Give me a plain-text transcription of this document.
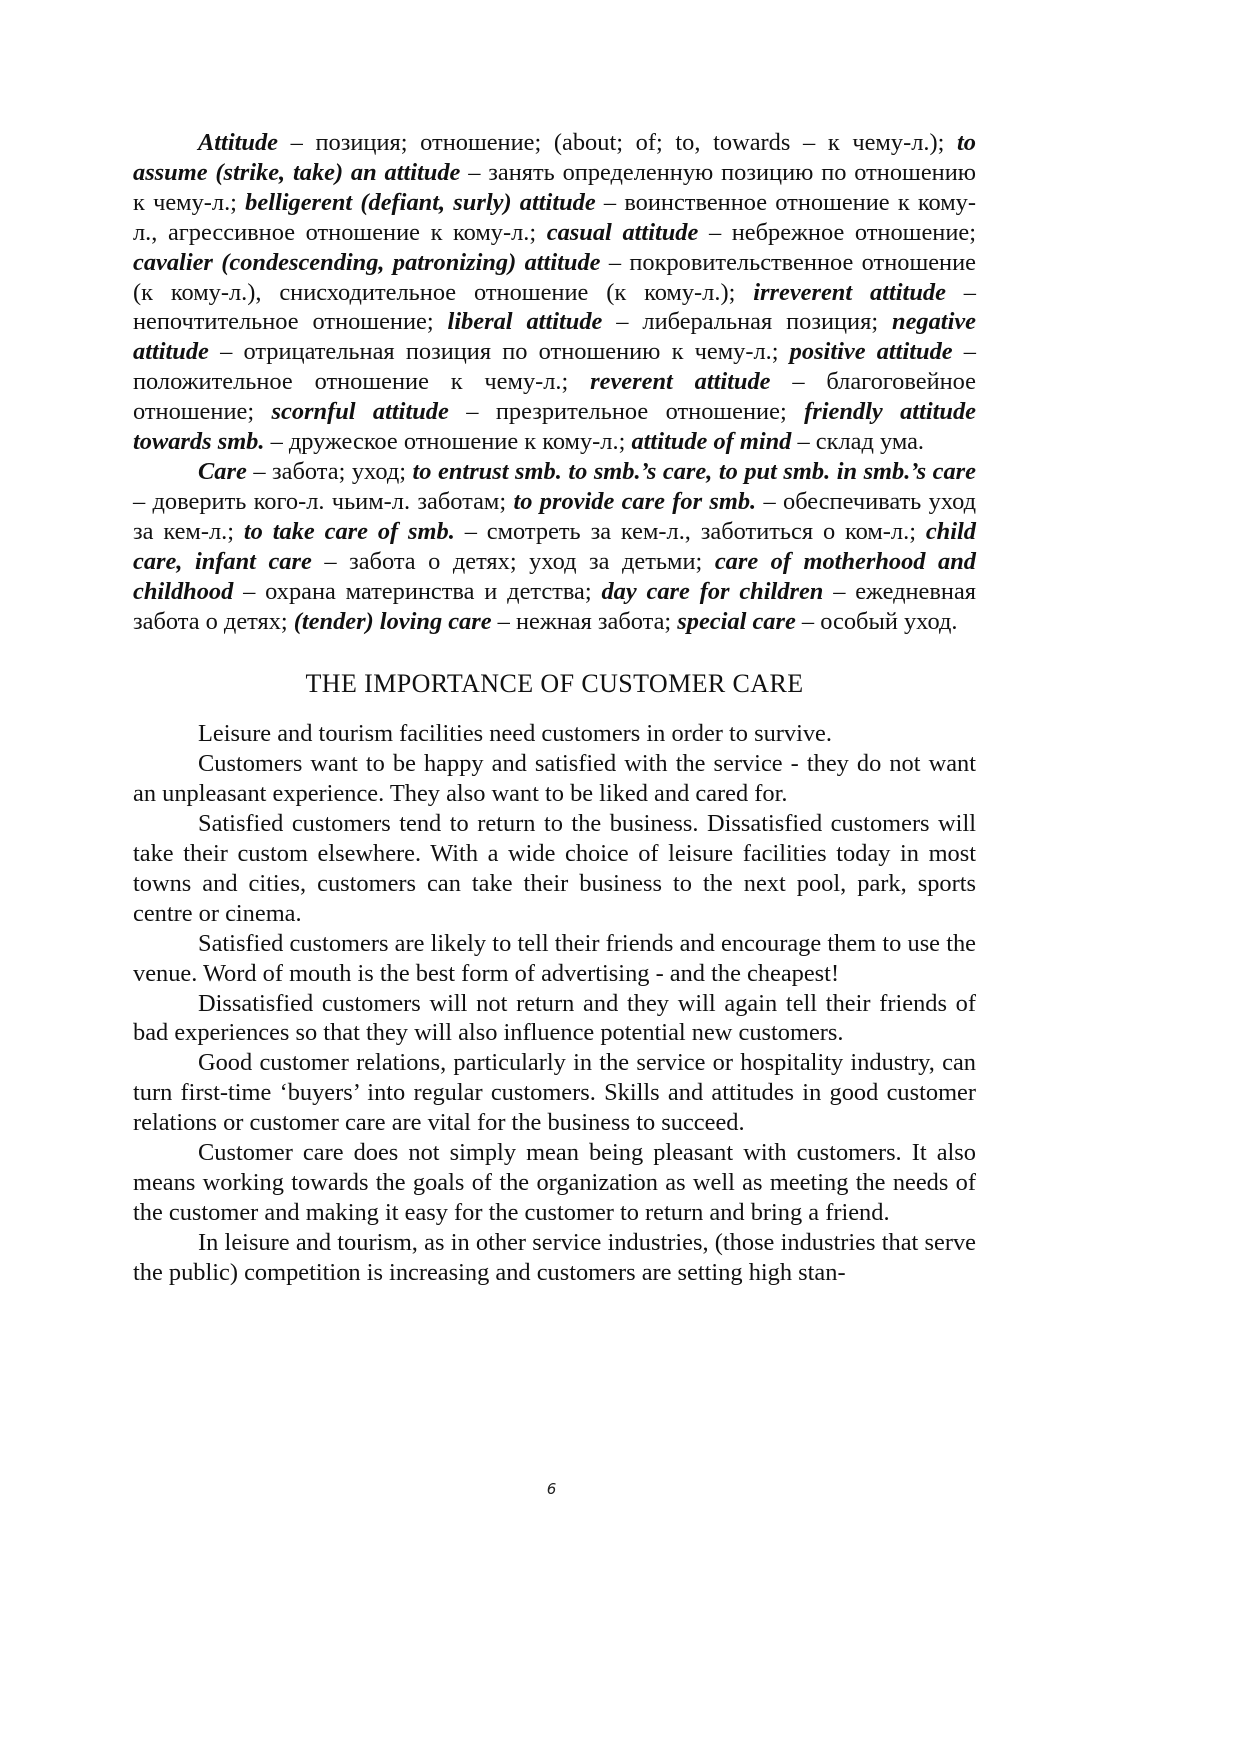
Attitude – позиция; отношение; (about; of; to, towards – к чему-л.); to assume (strike, take) an attitude – занять определенную позицию по отношению к чему-л.; belligerent (defiant, surly) attitude – воинственное отношение к кому-л., агрессивное отношение к кому-л.; casual attitude – небрежное отношение; cavalier (condescending, patronizing) attitude – покровительственное отношение (к кому-л.), снисходительное отношение (к кому-л.); irreverent attitude – непочтительное отношение; liberal attitude – либеральная позиция; negative attitude – отрицательная позиция по отношению к чему-л.; positive attitude – положительное отношение к чему-л.; reverent attitude – благоговейное отношение; scornful attitude – презрительное отношение; friendly attitude towards smb. – дружеское отношение к кому-л.; attitude of mind – склад ума.

Care – забота; уход; to entrust smb. to smb.’s care, to put smb. in smb.’s care – доверить кого-л. чьим-л. заботам; to provide care for smb. – обеспечивать уход за кем-л.; to take care of smb. – смотреть за кем-л., заботиться о ком-л.; child care, infant care – забота о детях; уход за детьми; care of motherhood and childhood – охрана материнства и детства; day care for children – ежедневная забота о детях; (tender) loving care – нежная забота; special care – особый уход.

THE IMPORTANCE OF CUSTOMER CARE

Leisure and tourism facilities need customers in order to survive.

Customers want to be happy and satisfied with the service - they do not want an unpleasant experience. They also want to be liked and cared for.

Satisfied customers tend to return to the business. Dissatisfied customers will take their custom elsewhere. With a wide choice of leisure facilities today in most towns and cities, customers can take their business to the next pool, park, sports centre or cinema.

Satisfied customers are likely to tell their friends and encourage them to use the venue. Word of mouth is the best form of advertising - and the cheapest!

Dissatisfied customers will not return and they will again tell their friends of bad experiences so that they will also influence potential new customers.

Good customer relations, particularly in the service or hospitality industry, can turn first-time ‘buyers’ into regular customers. Skills and attitudes in good customer relations or customer care are vital for the business to succeed.

Customer care does not simply mean being pleasant with customers. It also means working towards the goals of the organization as well as meeting the needs of the customer and making it easy for the customer to return and bring a friend.

In leisure and tourism, as in other service industries, (those industries that serve the public) competition is increasing and customers are setting high stan-

6
